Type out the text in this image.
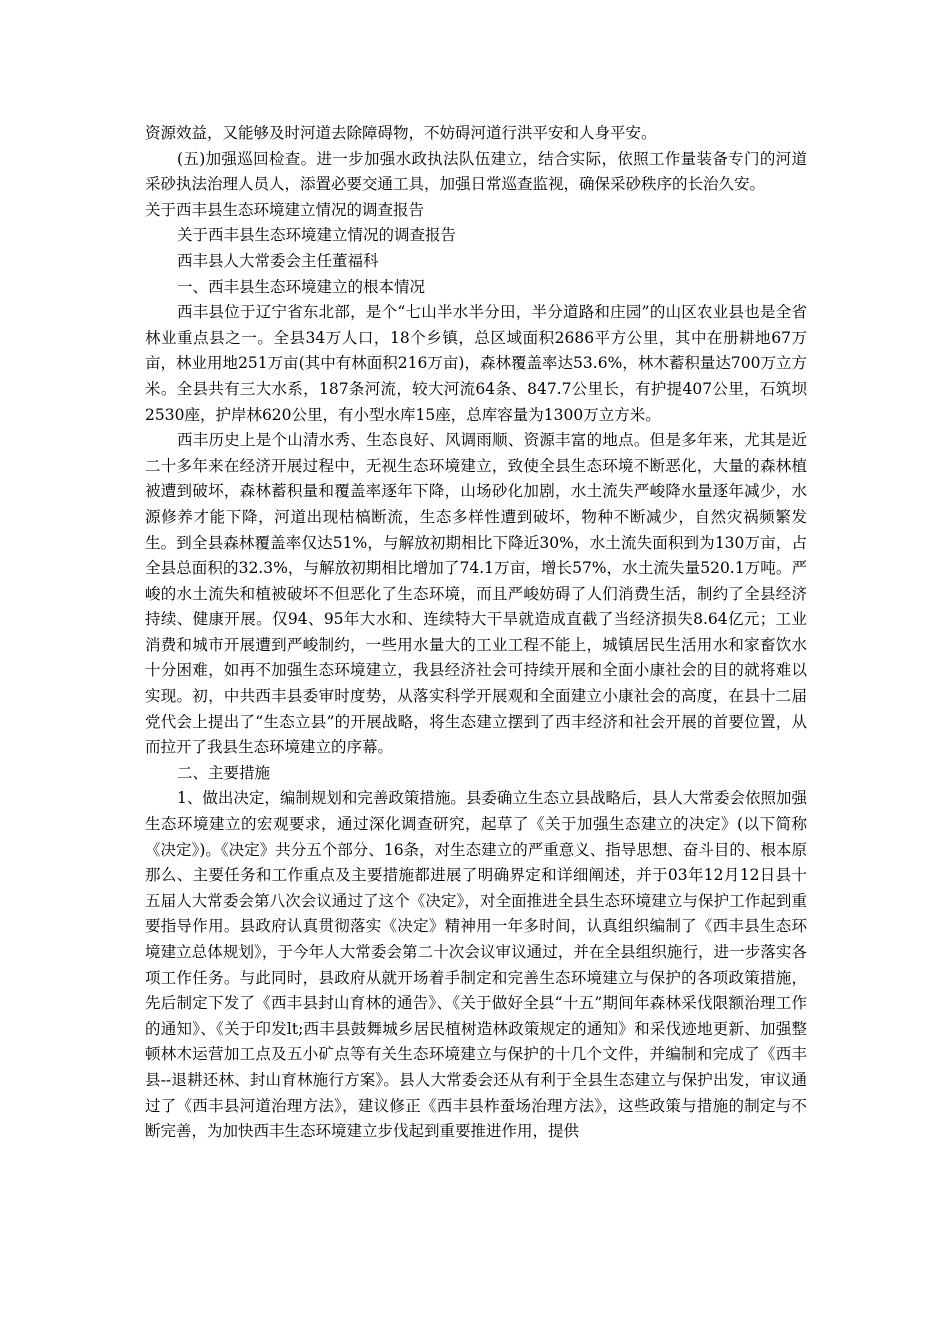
资源效益，又能够及时河道去除障碍物，不妨碍河道行洪平安和人身平安。

(五)加强巡回检查。进一步加强水政执法队伍建立，结合实际，依照工作量装备专门的河道采砂执法治理人员人，添置必要交通工具，加强日常巡查监视，确保采砂秩序的长治久安。

关于西丰县生态环境建立情况的调查报告

关于西丰县生态环境建立情况的调查报告

西丰县人大常委会主任董福科

一、西丰县生态环境建立的根本情况

西丰县位于辽宁省东北部，是个“七山半水半分田，半分道路和庄园”的山区农业县也是全省林业重点县之一。全县34万人口，18个乡镇，总区域面积2686平方公里，其中在册耕地67万亩，林业用地251万亩(其中有林面积216万亩)，森林覆盖率达53.6%，林木蓄积量达700万立方米。全县共有三大水系，187条河流，较大河流64条、847.7公里长，有护提407公里，石筑坝2530座，护岸林620公里，有小型水库15座，总库容量为1300万立方米。

西丰历史上是个山清水秀、生态良好、风调雨顺、资源丰富的地点。但是多年来，尤其是近二十多年来在经济开展过程中，无视生态环境建立，致使全县生态环境不断恶化，大量的森林植被遭到破坏，森林蓄积量和覆盖率逐年下降，山场砂化加剧，水土流失严峻降水量逐年减少，水源修养才能下降，河道出现枯槁断流，生态多样性遭到破坏，物种不断减少，自然灾祸频繁发生。到全县森林覆盖率仅达51%，与解放初期相比下降近30%，水土流失面积到为130万亩，占全县总面积的32.3%，与解放初期相比增加了74.1万亩，增长57%，水土流失量520.1万吨。严峻的水土流失和植被破坏不但恶化了生态环境，而且严峻妨碍了人们消费生活，制约了全县经济持续、健康开展。仅94、95年大水和、连续特大干旱就造成直截了当经济损失8.64亿元；工业消费和城市开展遭到严峻制约，一些用水量大的工业工程不能上，城镇居民生活用水和家畜饮水十分困难，如再不加强生态环境建立，我县经济社会可持续开展和全面小康社会的目的就将难以实现。初，中共西丰县委审时度势，从落实科学开展观和全面建立小康社会的高度，在县十二届党代会上提出了“生态立县”的开展战略，将生态建立摆到了西丰经济和社会开展的首要位置，从而拉开了我县生态环境建立的序幕。

二、主要措施

1、做出决定，编制规划和完善政策措施。县委确立生态立县战略后，县人大常委会依照加强生态环境建立的宏观要求，通过深化调查研究，起草了《关于加强生态建立的决定》(以下简称《决定》)。《决定》共分五个部分、16条，对生态建立的严重意义、指导思想、奋斗目的、根本原那么、主要任务和工作重点及主要措施都进展了明确界定和详细阐述，并于03年12月12日县十五届人大常委会第八次会议通过了这个《决定》，对全面推进全县生态环境建立与保护工作起到重要指导作用。县政府认真贯彻落实《决定》精神用一年多时间，认真组织编制了《西丰县生态环境建立总体规划》，于今年人大常委会第二十次会议审议通过，并在全县组织施行，进一步落实各项工作任务。与此同时，县政府从就开场着手制定和完善生态环境建立与保护的各项政策措施，先后制定下发了《西丰县封山育林的通告》、《关于做好全县“十五”期间年森林采伐限额治理工作的通知》、《关于印发lt;西丰县鼓舞城乡居民植树造林政策规定的通知》和采伐迹地更新、加强整顿林木运营加工点及五小矿点等有关生态环境建立与保护的十几个文件，并编制和完成了《西丰县--退耕还林、封山育林施行方案》。县人大常委会还从有利于全县生态建立与保护出发，审议通过了《西丰县河道治理方法》，建议修正《西丰县柞蚕场治理方法》，这些政策与措施的制定与不断完善，为加快西丰生态环境建立步伐起到重要推进作用，提供
